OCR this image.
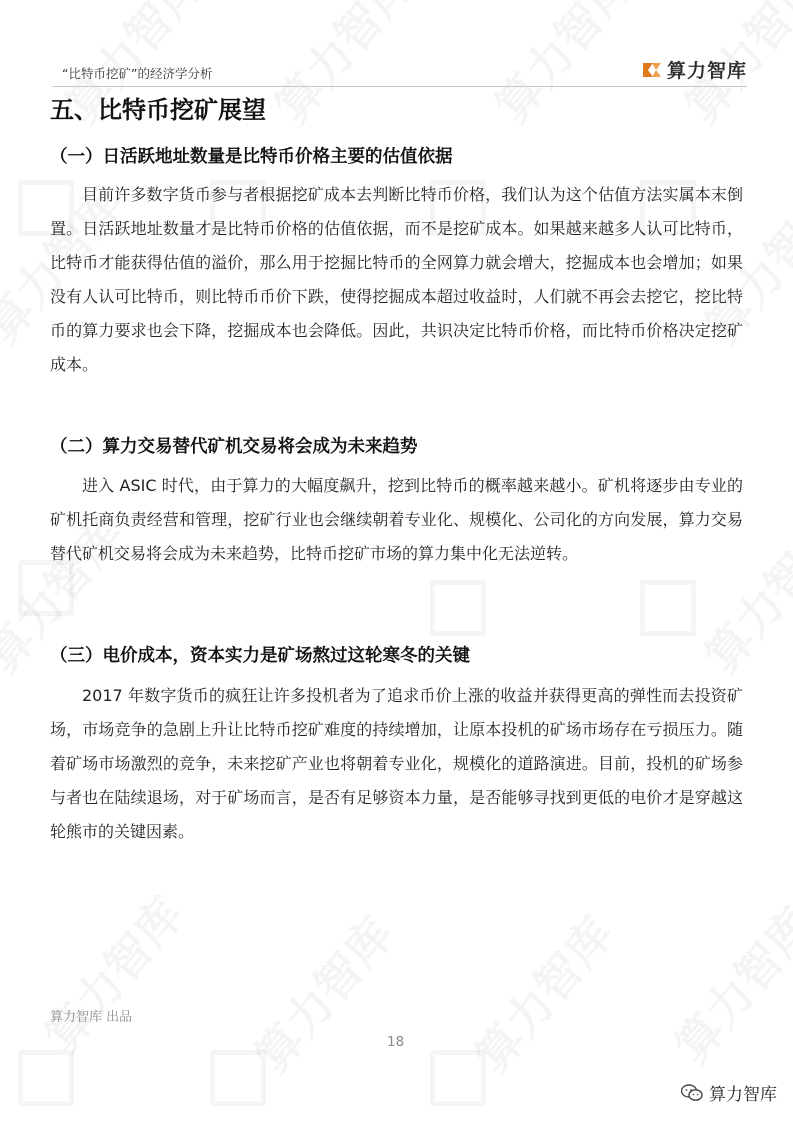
“比特币挖矿”的经济学分析	算力智库
五、比特币挖矿展望
（一）日活跃地址数量是比特币价格主要的估值依据
目前许多数字货币参与者根据挖矿成本去判断比特币价格，我们认为这个估值方法实属本末倒置。日活跃地址数量才是比特币价格的估值依据，而不是挖矿成本。如果越来越多人认可比特币，比特币才能获得估值的溢价，那么用于挖掘比特币的全网算力就会增大，挖掘成本也会增加；如果没有人认可比特币，则比特币币价下跌，使得挖掘成本超过收益时，人们就不再会去挖它，挖比特币的算力要求也会下降，挖掘成本也会降低。因此，共识决定比特币价格，而比特币价格决定挖矿成本。
（二）算力交易替代矿机交易将会成为未来趋势
进入 ASIC 时代，由于算力的大幅度飙升，挖到比特币的概率越来越小。矿机将逐步由专业的矿机托商负责经营和管理，挖矿行业也会继续朝着专业化、规模化、公司化的方向发展，算力交易替代矿机交易将会成为未来趋势，比特币挖矿市场的算力集中化无法逆转。
（三）电价成本，资本实力是矿场熬过这轮寒冬的关键
2017 年数字货币的疯狂让许多投机者为了追求币价上涨的收益并获得更高的弹性而去投资矿场，市场竞争的急剧上升让比特币挖矿难度的持续增加，让原本投机的矿场市场存在亏损压力。随着矿场市场激烈的竞争，未来挖矿产业也将朝着专业化，规模化的道路演进。目前，投机的矿场参与者也在陆续退场，对于矿场而言，是否有足够资本力量，是否能够寻找到更低的电价才是穿越这轮熊市的关键因素。
算力智库 出品
18
算力智库
